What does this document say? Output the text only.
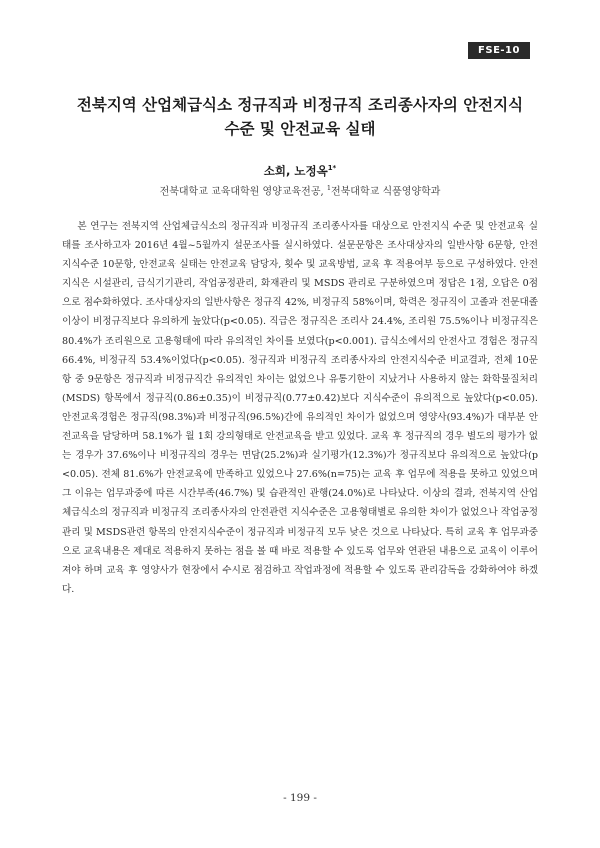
FSE-10
전북지역 산업체급식소 정규직과 비정규직 조리종사자의 안전지식
수준 및 안전교육 실태
소희, 노정옥$^{1*}$
전북대학교 교육대학원 영양교육전공, $^1$전북대학교 식품영양학과

본 연구는 전북지역 산업체급식소의 정규직과 비정규직 조리종사자를 대상으로 안전지식 수준 및 안전교육 실태를 조사하고자 2016년 4월~5월까지 설문조사를 실시하였다. 설문문항은 조사대상자의 일반사항 6문항, 안전지식수준 10문항, 안전교육 실태는 안전교육 담당자, 횟수 및 교육방법, 교육 후 적용여부 등으로 구성하였다. 안전지식은 시설관리, 급식기기관리, 작업공정관리, 화재관리 및 MSDS 관리로 구분하였으며 정답은 1점, 오답은 0점으로 점수화하였다. 조사대상자의 일반사항은 정규직 42%, 비정규직 58%이며, 학력은 정규직이 고졸과 전문대졸이상이 비정규직보다 유의하게 높았다(p<0.05). 직급은 정규직은 조리사 24.4%, 조리원 75.5%이나 비정규직은 80.4%가 조리원으로 고용형태에 따라 유의적인 차이를 보였다(p<0.001). 급식소에서의 안전사고 경험은 정규직 66.4%, 비정규직 53.4%이었다(p<0.05). 정규직과 비정규직 조리종사자의 안전지식수준 비교결과, 전체 10문항 중 9문항은 정규직과 비정규직간 유의적인 차이는 없었으나 유통기한이 지났거나 사용하지 않는 화학물질처리(MSDS) 항목에서 정규직(0.86±0.35)이 비정규직(0.77±0.42)보다 지식수준이 유의적으로 높았다(p<0.05). 안전교육경험은 정규직(98.3%)과 비정규직(96.5%)간에 유의적인 차이가 없었으며 영양사(93.4%)가 대부분 안전교육을 담당하며 58.1%가 월 1회 강의형태로 안전교육을 받고 있었다. 교육 후 정규직의 경우 별도의 평가가 없는 경우가 37.6%이나 비정규직의 경우는 면담(25.2%)과 실기평가(12.3%)가 정규직보다 유의적으로 높았다(p<0.05). 전체 81.6%가 안전교육에 만족하고 있었으나 27.6%(n=75)는 교육 후 업무에 적용을 못하고 있었으며 그 이유는 업무과중에 따른 시간부족(46.7%) 및 습관적인 관행(24.0%)로 나타났다. 이상의 결과, 전북지역 산업체급식소의 정규직과 비정규직 조리종사자의 안전관련 지식수준은 고용형태별로 유의한 차이가 없었으나 작업공정관리 및 MSDS관련 항목의 안전지식수준이 정규직과 비정규직 모두 낮은 것으로 나타났다. 특히 교육 후 업무과중으로 교육내용은 제대로 적용하지 못하는 점을 볼 때 바로 적용할 수 있도록 업무와 연관된 내용으로 교육이 이루어져야 하며 교육 후 영양사가 현장에서 수시로 점검하고 작업과정에 적용할 수 있도록 관리감독을 강화하여야 하겠다.

- 199 -
